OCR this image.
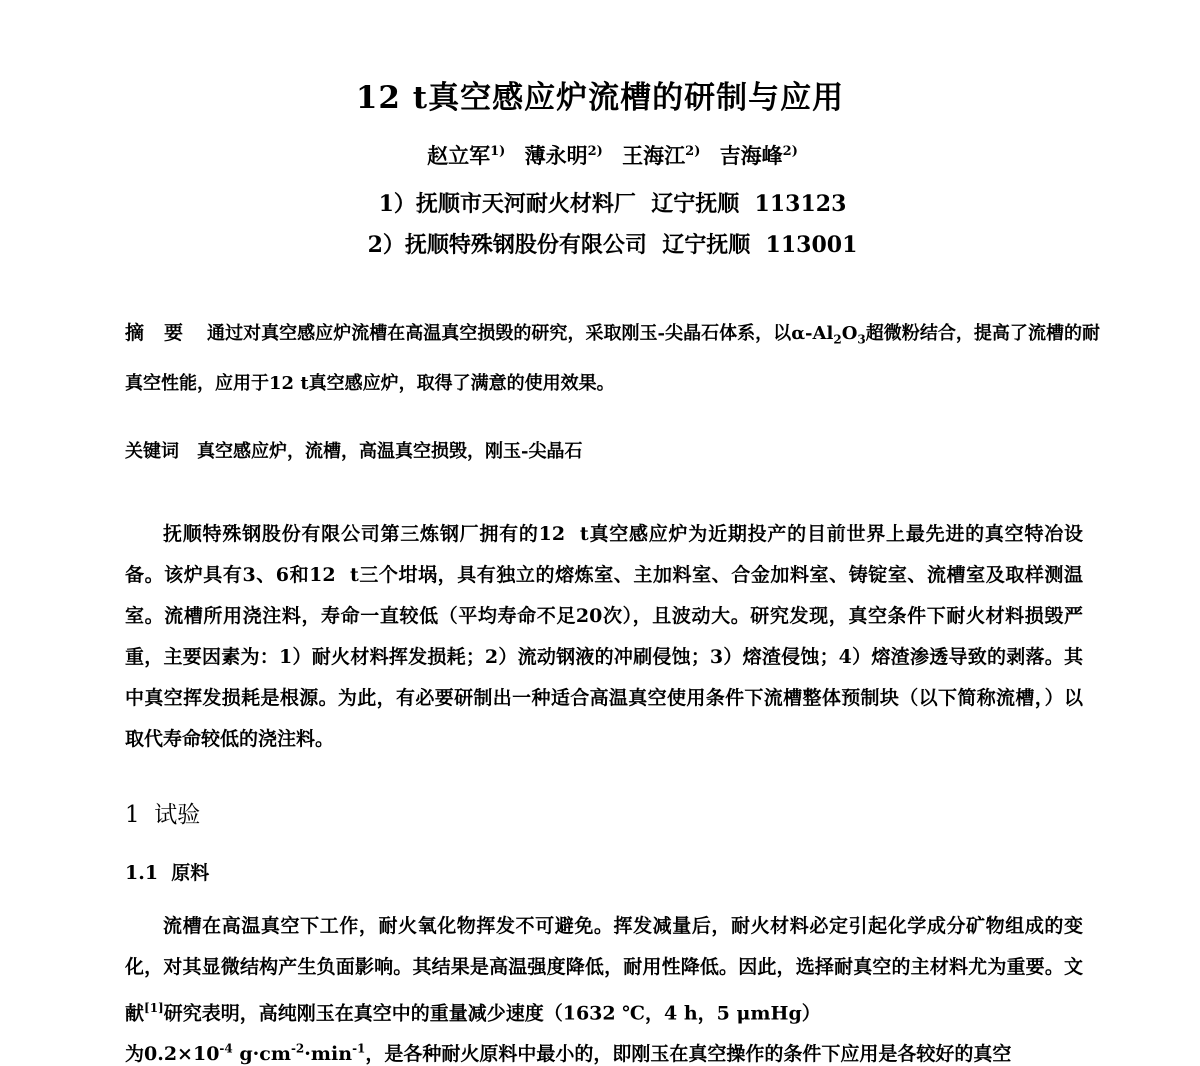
12 t真空感应炉流槽的研制与应用
赵立军$^{1)}$ 薄永明$^{2)}$ 王海江$^{2)}$ 吉海峰$^{2)}$
1）抚顺市天河耐火材料厂  辽宁抚顺  113123
2）抚顺特殊钢股份有限公司  辽宁抚顺  113001
摘要 通过对真空感应炉流槽在高温真空损毁的研究，采取刚玉-尖晶石体系，以$\alpha-Al_2O_3$超微粉结合，提高了流槽的耐真空性能，应用于12 t真空感应炉，取得了满意的使用效果。
关键词 真空感应炉，流槽，高温真空损毁，刚玉-尖晶石
抚顺特殊钢股份有限公司第三炼钢厂拥有的12  t真空感应炉为近期投产的目前世界上最先进的真空特冶设备。该炉具有3、6和12  t三个坩埚，具有独立的熔炼室、主加料室、合金加料室、铸锭室、流槽室及取样测温室。流槽所用浇注料，寿命一直较低（平均寿命不足20次），且波动大。研究发现，真空条件下耐火材料损毁严重，主要因素为：1）耐火材料挥发损耗；2）流动钢液的冲刷侵蚀；3）熔渣侵蚀；4）熔渣渗透导致的剥落。其中真空挥发损耗是根源。为此，有必要研制出一种适合高温真空使用条件下流槽整体预制块（以下简称流槽，）以取代寿命较低的浇注料。
1  试验
1.1  原料
流槽在高温真空下工作，耐火氧化物挥发不可避免。挥发减量后，耐火材料必定引起化学成分矿物组成的变化，对其显微结构产生负面影响。其结果是高温强度降低，耐用性降低。因此，选择耐真空的主材料尤为重要。文献[1]研究表明，高纯刚玉在真空中的重量减少速度（1632 ℃，4 h，5 μmHg）
为$0.2\times 10^{-4}$ $g\cdot cm^{-2}\cdot\min^{-1}$，是各种耐火原料中最小的，即刚玉在真空操作的条件下应用是各较好的真空
